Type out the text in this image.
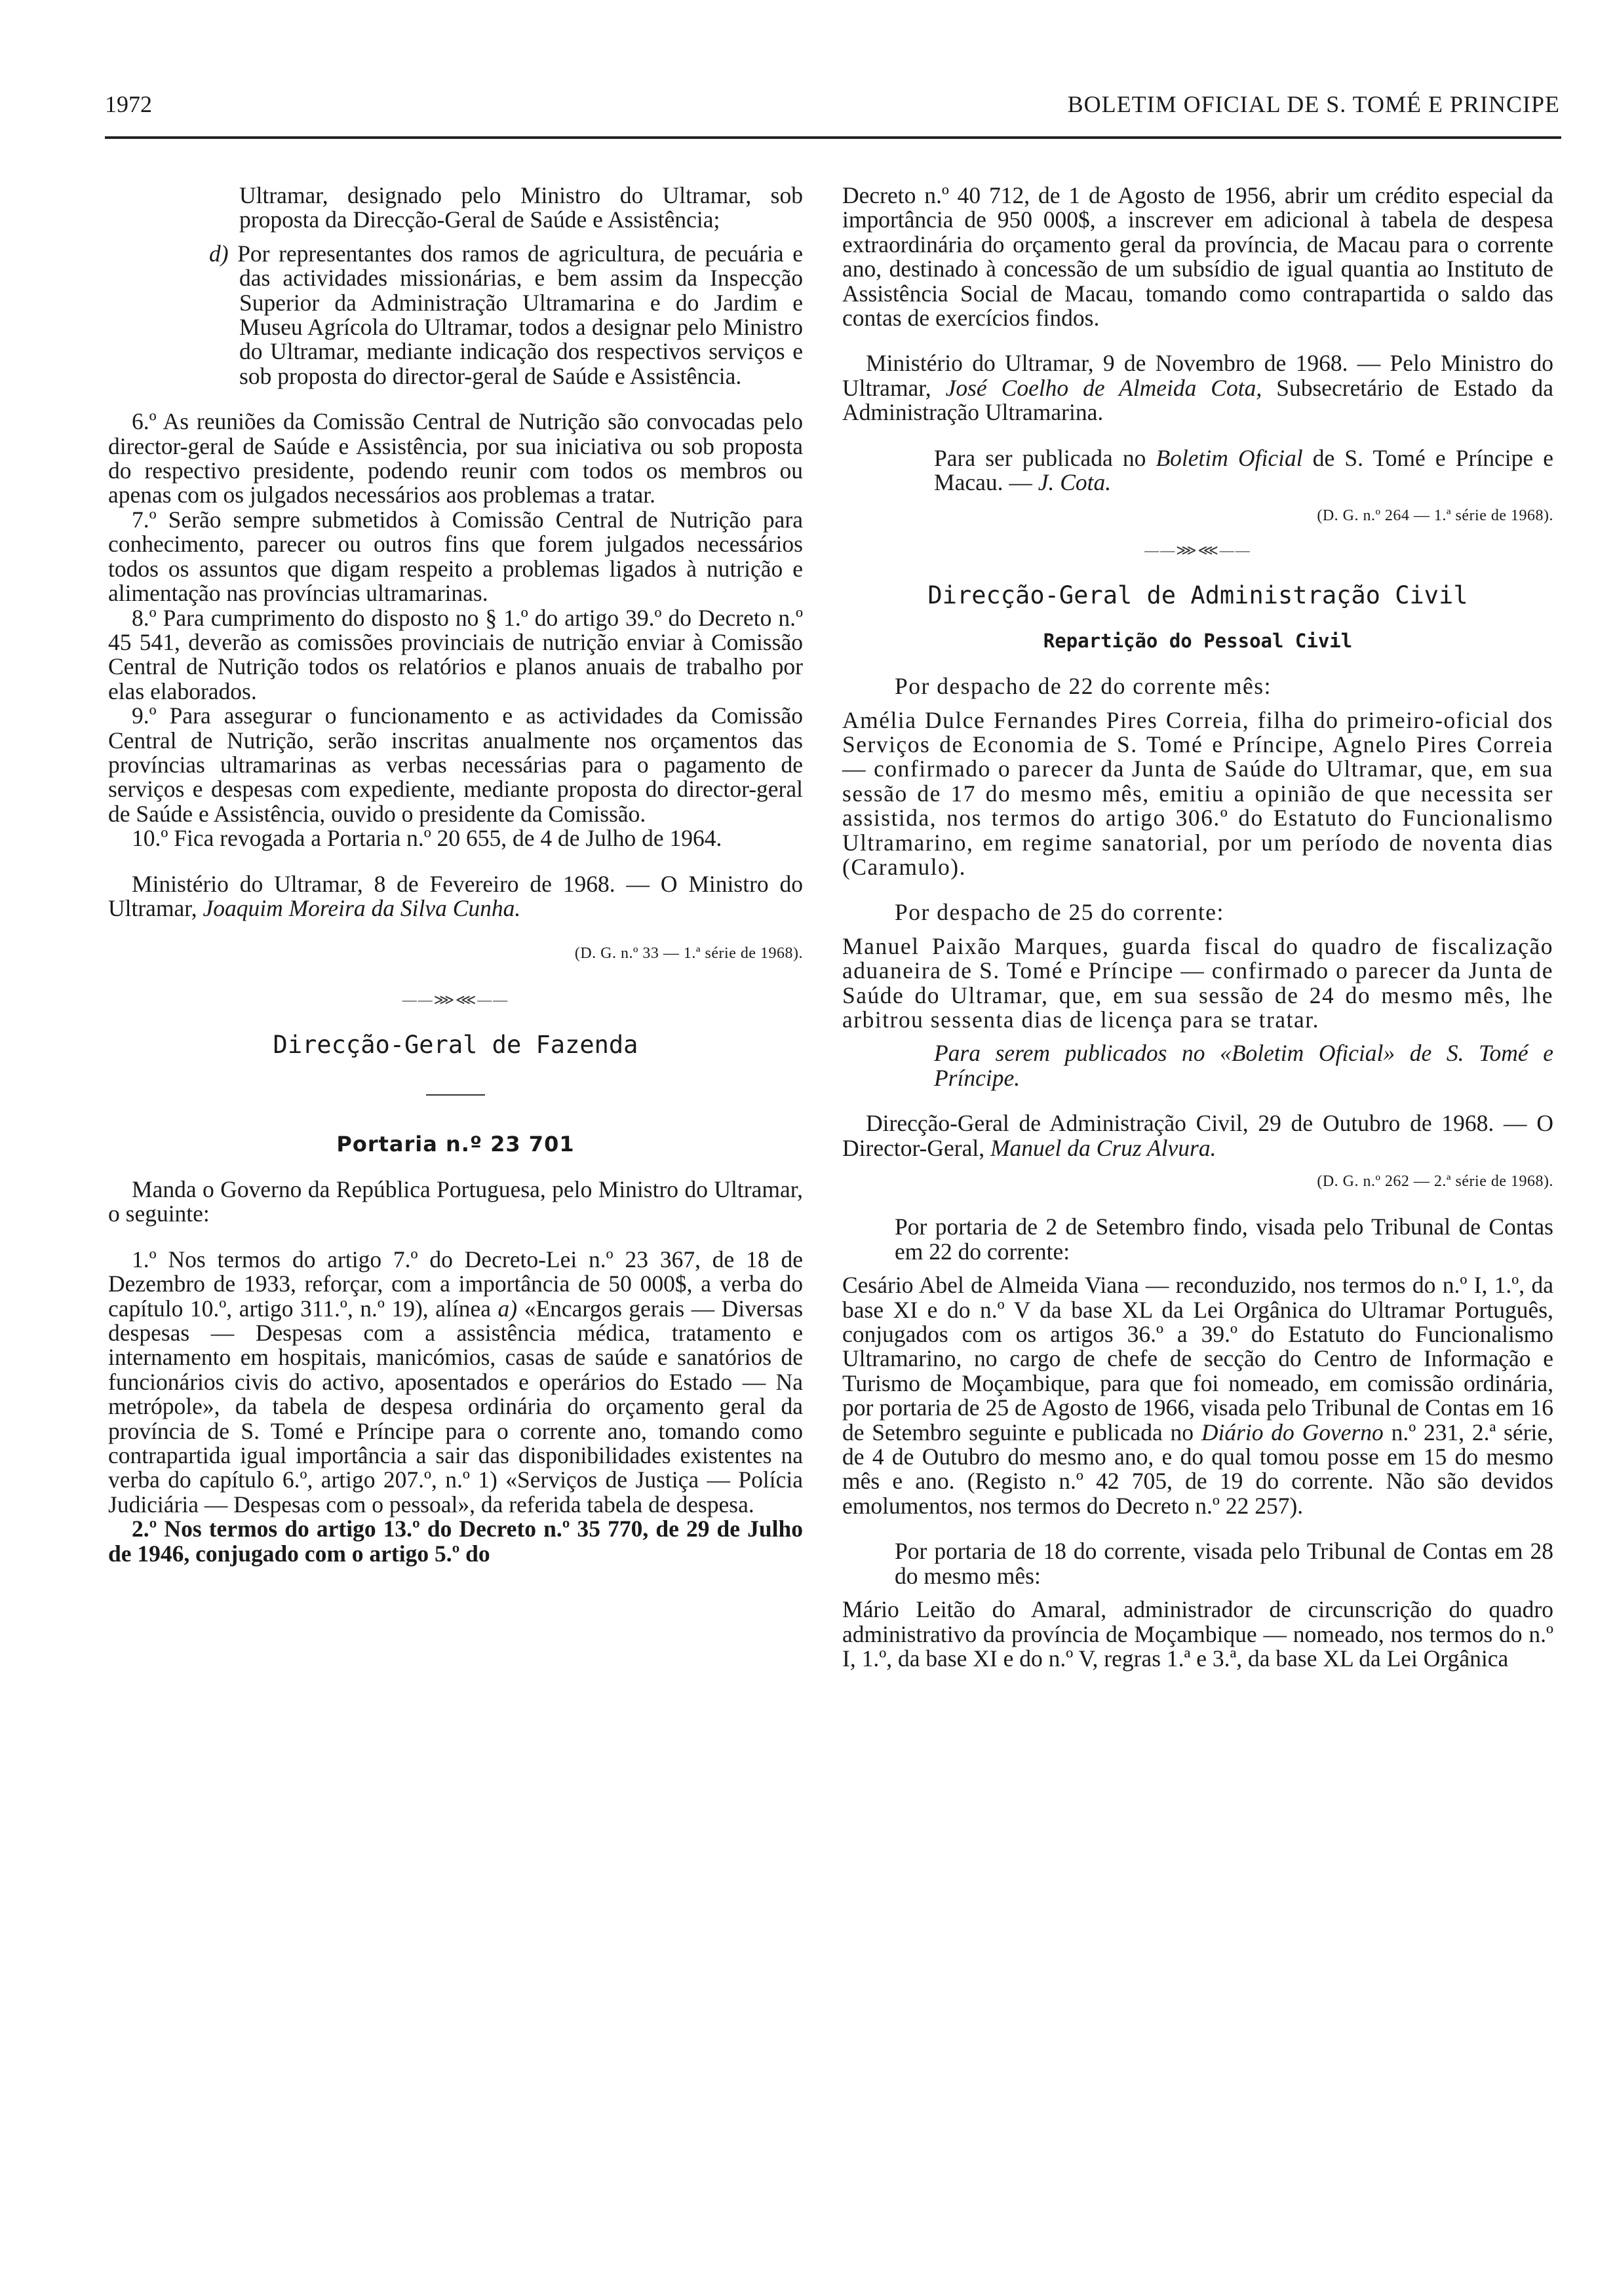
1972	BOLETIM OFICIAL DE S. TOMÉ E PRINCIPE

Ultramar, designado pelo Ministro do Ultramar, sob proposta da Direcção-Geral de Saúde e Assistência;

d) Por representantes dos ramos de agricultura, de pecuária e das actividades missionárias, e bem assim da Inspecção Superior da Administração Ultramarina e do Jardim e Museu Agrícola do Ultramar, todos a designar pelo Ministro do Ultramar, mediante indicação dos respectivos serviços e sob proposta do director-geral de Saúde e Assistência.

6.º As reuniões da Comissão Central de Nutrição são convocadas pelo director-geral de Saúde e Assistência, por sua iniciativa ou sob proposta do respectivo presidente, podendo reunir com todos os membros ou apenas com os julgados necessários aos problemas a tratar.

7.º Serão sempre submetidos à Comissão Central de Nutrição para conhecimento, parecer ou outros fins que forem julgados necessários todos os assuntos que digam respeito a problemas ligados à nutrição e alimentação nas províncias ultramarinas.

8.º Para cumprimento do disposto no § 1.º do artigo 39.º do Decreto n.º 45 541, deverão as comissões provinciais de nutrição enviar à Comissão Central de Nutrição todos os relatórios e planos anuais de trabalho por elas elaborados.

9.º Para assegurar o funcionamento e as actividades da Comissão Central de Nutrição, serão inscritas anualmente nos orçamentos das províncias ultramarinas as verbas necessárias para o pagamento de serviços e despesas com expediente, mediante proposta do director-geral de Saúde e Assistência, ouvido o presidente da Comissão.

10.º Fica revogada a Portaria n.º 20 655, de 4 de Julho de 1964.

Ministério do Ultramar, 8 de Fevereiro de 1968. — O Ministro do Ultramar, Joaquim Moreira da Silva Cunha.

(D. G. n.º 33 — 1.ª série de 1968).

——⋙⋘——

Direcção-Geral de Fazenda

Portaria n.º 23 701

Manda o Governo da República Portuguesa, pelo Ministro do Ultramar, o seguinte:

1.º Nos termos do artigo 7.º do Decreto-Lei n.º 23 367, de 18 de Dezembro de 1933, reforçar, com a importância de 50 000$, a verba do capítulo 10.º, artigo 311.º, n.º 19), alínea a) «Encargos gerais — Diversas despesas — Despesas com a assistência médica, tratamento e internamento em hospitais, manicómios, casas de saúde e sanatórios de funcionários civis do activo, aposentados e operários do Estado — Na metrópole», da tabela de despesa ordinária do orçamento geral da província de S. Tomé e Príncipe para o corrente ano, tomando como contrapartida igual importância a sair das disponibilidades existentes na verba do capítulo 6.º, artigo 207.º, n.º 1) «Serviços de Justiça — Polícia Judiciária — Despesas com o pessoal», da referida tabela de despesa.

2.º Nos termos do artigo 13.º do Decreto n.º 35 770, de 29 de Julho de 1946, conjugado com o artigo 5.º do

Decreto n.º 40 712, de 1 de Agosto de 1956, abrir um crédito especial da importância de 950 000$, a inscrever em adicional à tabela de despesa extraordinária do orçamento geral da província, de Macau para o corrente ano, destinado à concessão de um subsídio de igual quantia ao Instituto de Assistência Social de Macau, tomando como contrapartida o saldo das contas de exercícios findos.

Ministério do Ultramar, 9 de Novembro de 1968. — Pelo Ministro do Ultramar, José Coelho de Almeida Cota, Subsecretário de Estado da Administração Ultramarina.

Para ser publicada no Boletim Oficial de S. Tomé e Príncipe e Macau. — J. Cota.

(D. G. n.º 264 — 1.ª série de 1968).

——⋙⋘——

Direcção-Geral de Administração Civil

Repartição do Pessoal Civil

Por despacho de 22 do corrente mês:

Amélia Dulce Fernandes Pires Correia, filha do primeiro-oficial dos Serviços de Economia de S. Tomé e Príncipe, Agnelo Pires Correia — confirmado o parecer da Junta de Saúde do Ultramar, que, em sua sessão de 17 do mesmo mês, emitiu a opinião de que necessita ser assistida, nos termos do artigo 306.º do Estatuto do Funcionalismo Ultramarino, em regime sanatorial, por um período de noventa dias (Caramulo).

Por despacho de 25 do corrente:

Manuel Paixão Marques, guarda fiscal do quadro de fiscalização aduaneira de S. Tomé e Príncipe — confirmado o parecer da Junta de Saúde do Ultramar, que, em sua sessão de 24 do mesmo mês, lhe arbitrou sessenta dias de licença para se tratar.

Para serem publicados no «Boletim Oficial» de S. Tomé e Príncipe.

Direcção-Geral de Administração Civil, 29 de Outubro de 1968. — O Director-Geral, Manuel da Cruz Alvura.

(D. G. n.º 262 — 2.ª série de 1968).

Por portaria de 2 de Setembro findo, visada pelo Tribunal de Contas em 22 do corrente:

Cesário Abel de Almeida Viana — reconduzido, nos termos do n.º I, 1.º, da base XI e do n.º V da base XL da Lei Orgânica do Ultramar Português, conjugados com os artigos 36.º a 39.º do Estatuto do Funcionalismo Ultramarino, no cargo de chefe de secção do Centro de Informação e Turismo de Moçambique, para que foi nomeado, em comissão ordinária, por portaria de 25 de Agosto de 1966, visada pelo Tribunal de Contas em 16 de Setembro seguinte e publicada no Diário do Governo n.º 231, 2.ª série, de 4 de Outubro do mesmo ano, e do qual tomou posse em 15 do mesmo mês e ano. (Registo n.º 42 705, de 19 do corrente. Não são devidos emolumentos, nos termos do Decreto n.º 22 257).

Por portaria de 18 do corrente, visada pelo Tribunal de Contas em 28 do mesmo mês:

Mário Leitão do Amaral, administrador de circunscrição do quadro administrativo da província de Moçambique — nomeado, nos termos do n.º I, 1.º, da base XI e do n.º V, regras 1.ª e 3.ª, da base XL da Lei Orgânica
